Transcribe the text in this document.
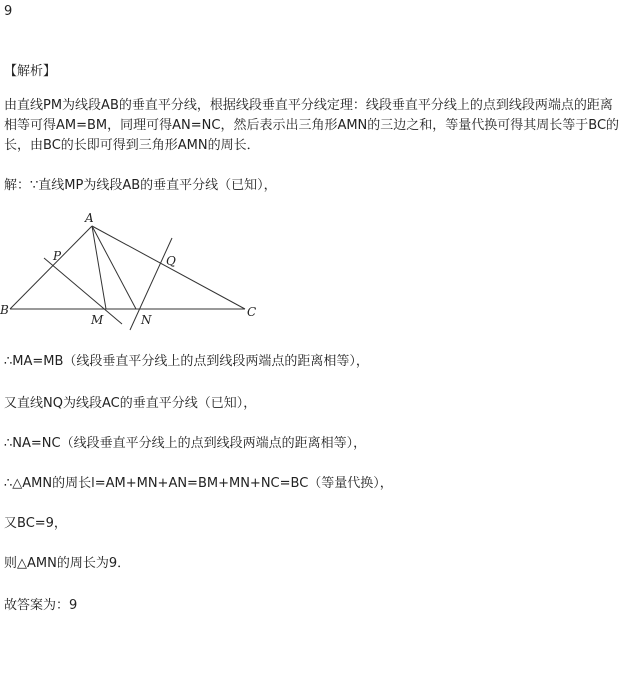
9
【解析】
由直线PM为线段AB的垂直平分线，根据线段垂直平分线定理：线段垂直平分线上的点到线段两端点的距离相等可得AM=BM，同理可得AN=NC，然后表示出三角形AMN的三边之和，等量代换可得其周长等于BC的长，由BC的长即可得到三角形AMN的周长．
解：∵直线MP为线段AB的垂直平分线（已知），
A
B	C
P	Q
M	N
∴MA=MB（线段垂直平分线上的点到线段两端点的距离相等），
又直线NQ为线段AC的垂直平分线（已知），
∴NA=NC（线段垂直平分线上的点到线段两端点的距离相等），
∴△AMN的周长l=AM+MN+AN=BM+MN+NC=BC（等量代换），
又BC=9，
则△AMN的周长为9．
故答案为：9
